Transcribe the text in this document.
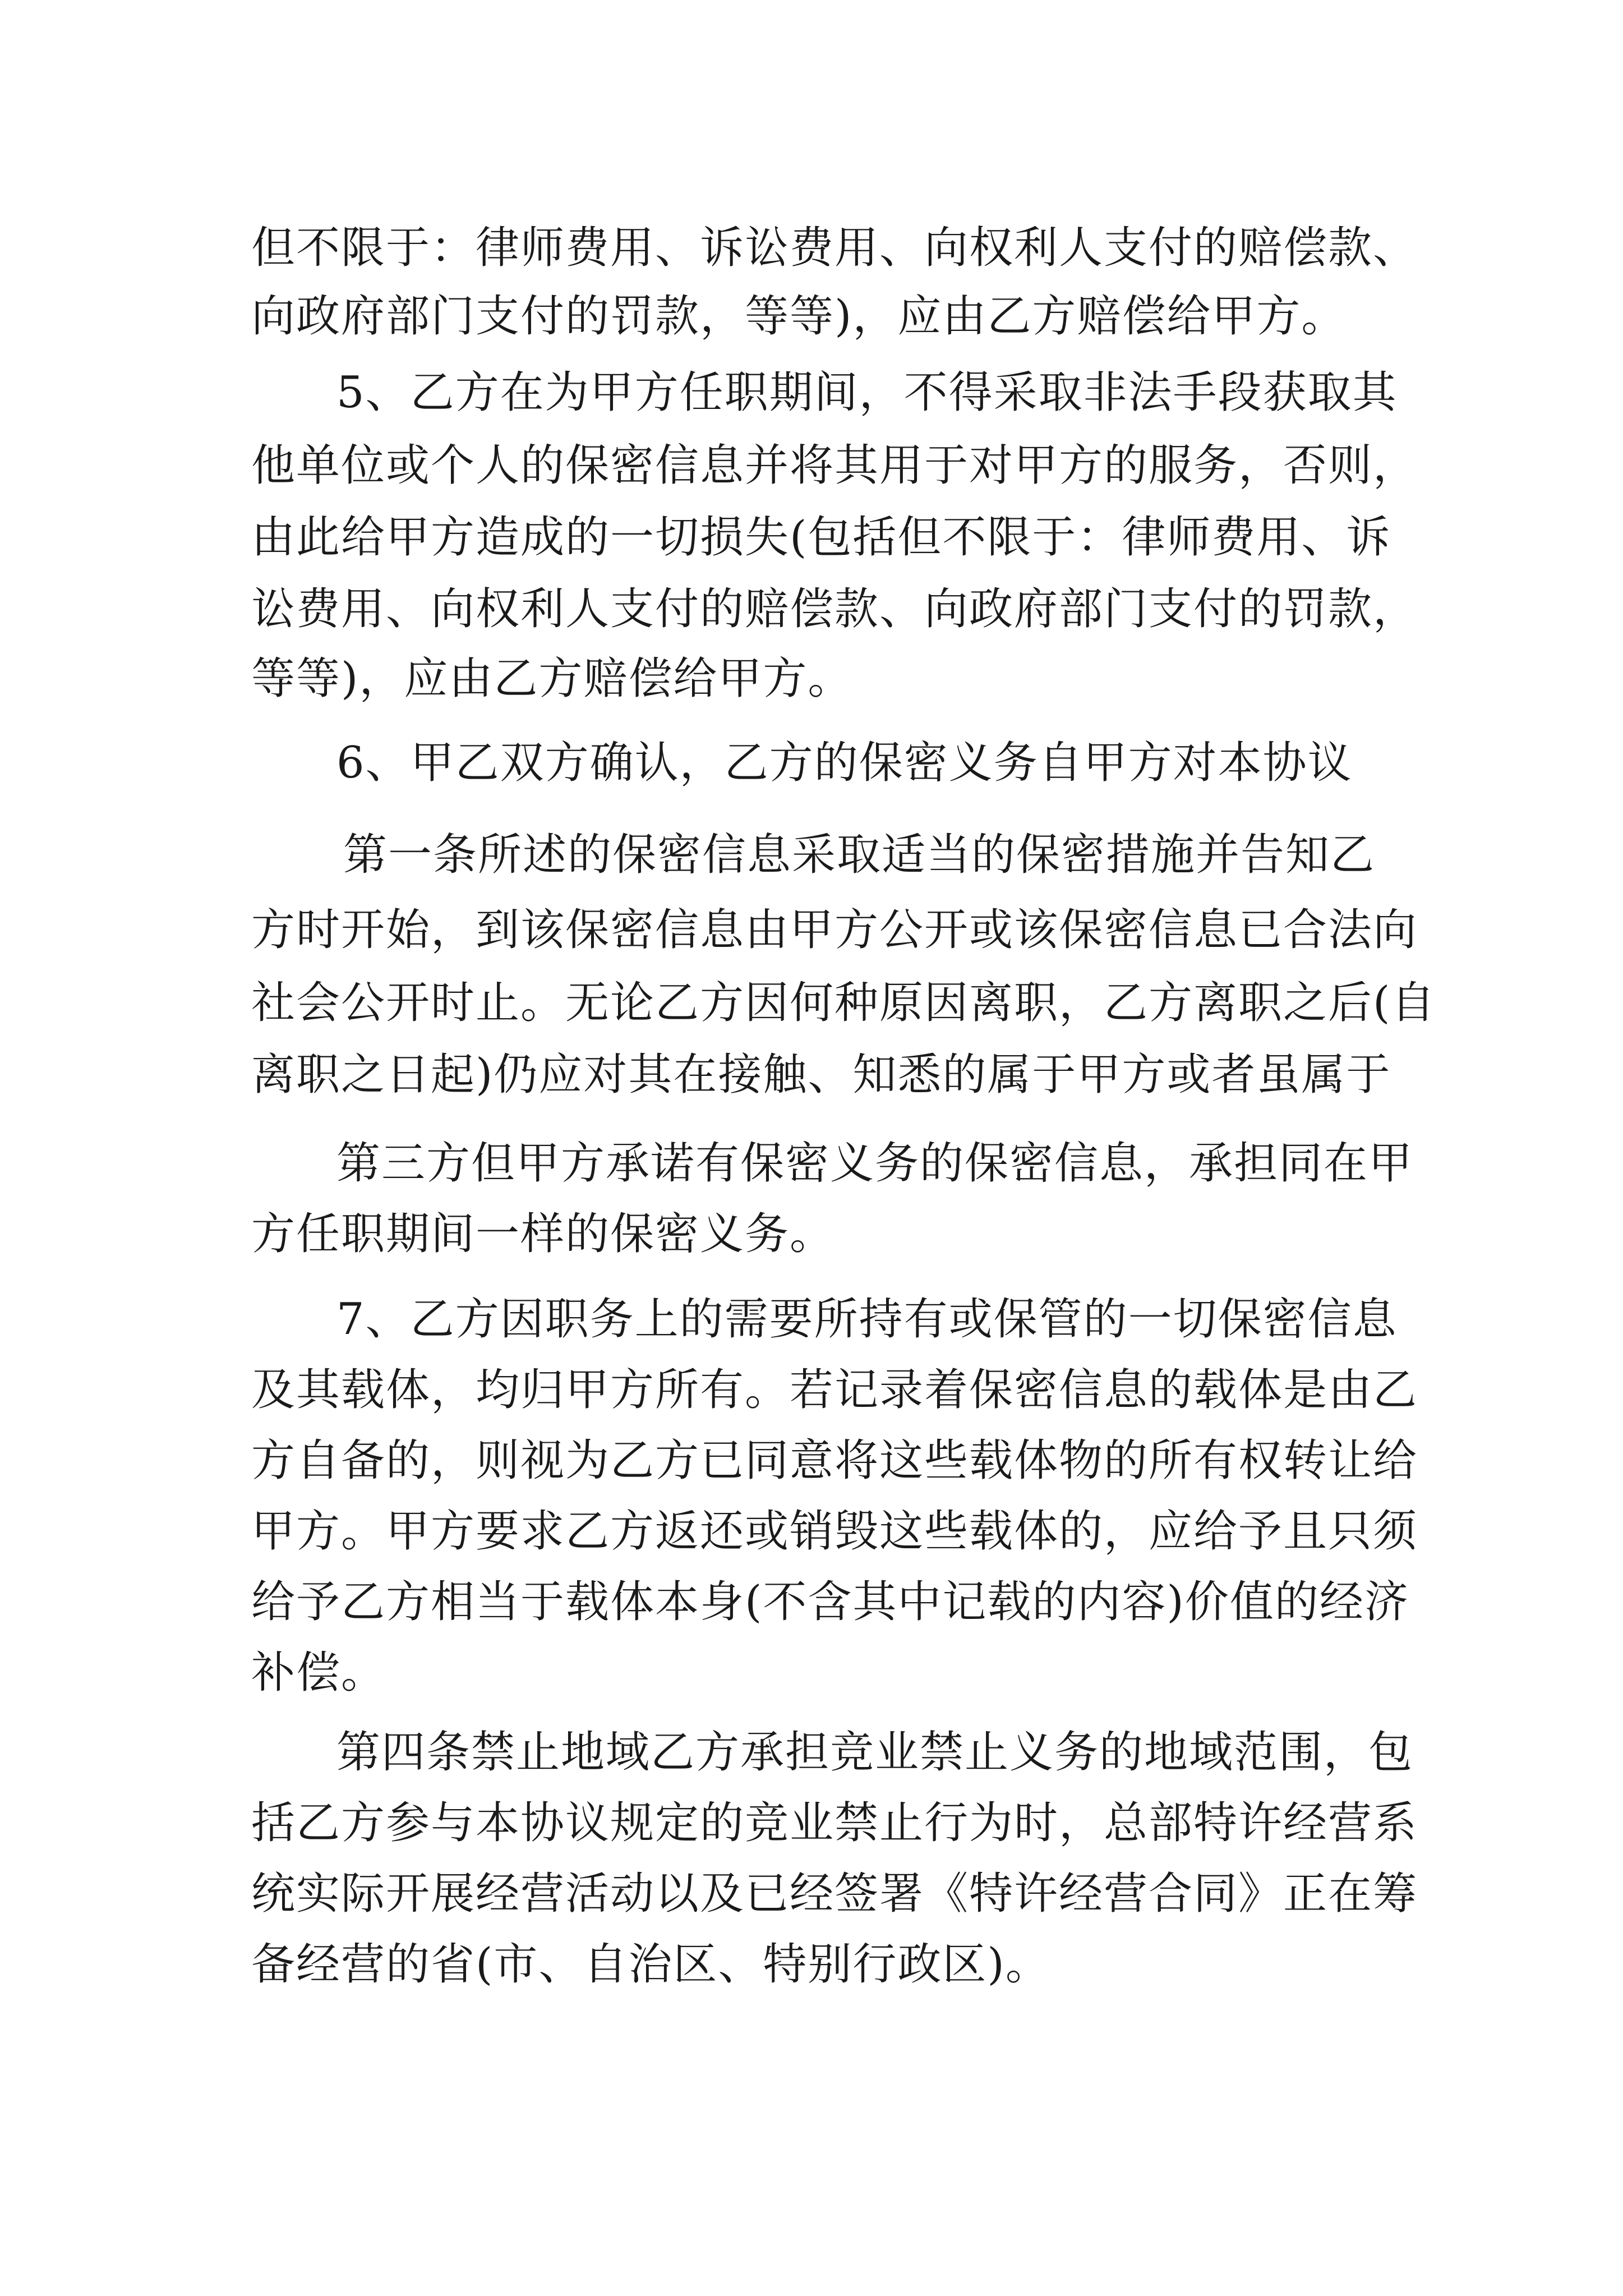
但不限于：律师费用、诉讼费用、向权利人支付的赔偿款、
向政府部门支付的罚款，等等)，应由乙方赔偿给甲方。
5、乙方在为甲方任职期间，不得采取非法手段获取其
他单位或个人的保密信息并将其用于对甲方的服务，否则，
由此给甲方造成的一切损失(包括但不限于：律师费用、诉
讼费用、向权利人支付的赔偿款、向政府部门支付的罚款，
等等)，应由乙方赔偿给甲方。
6、甲乙双方确认，乙方的保密义务自甲方对本协议
第一条所述的保密信息采取适当的保密措施并告知乙
方时开始，到该保密信息由甲方公开或该保密信息已合法向
社会公开时止。无论乙方因何种原因离职，乙方离职之后(自
离职之日起)仍应对其在接触、知悉的属于甲方或者虽属于
第三方但甲方承诺有保密义务的保密信息，承担同在甲
方任职期间一样的保密义务。
7、乙方因职务上的需要所持有或保管的一切保密信息
及其载体，均归甲方所有。若记录着保密信息的载体是由乙
方自备的，则视为乙方已同意将这些载体物的所有权转让给
甲方。甲方要求乙方返还或销毁这些载体的，应给予且只须
给予乙方相当于载体本身(不含其中记载的内容)价值的经济
补偿。
第四条禁止地域乙方承担竞业禁止义务的地域范围，包
括乙方参与本协议规定的竞业禁止行为时，总部特许经营系
统实际开展经营活动以及已经签署《特许经营合同》正在筹
备经营的省(市、自治区、特别行政区)。
